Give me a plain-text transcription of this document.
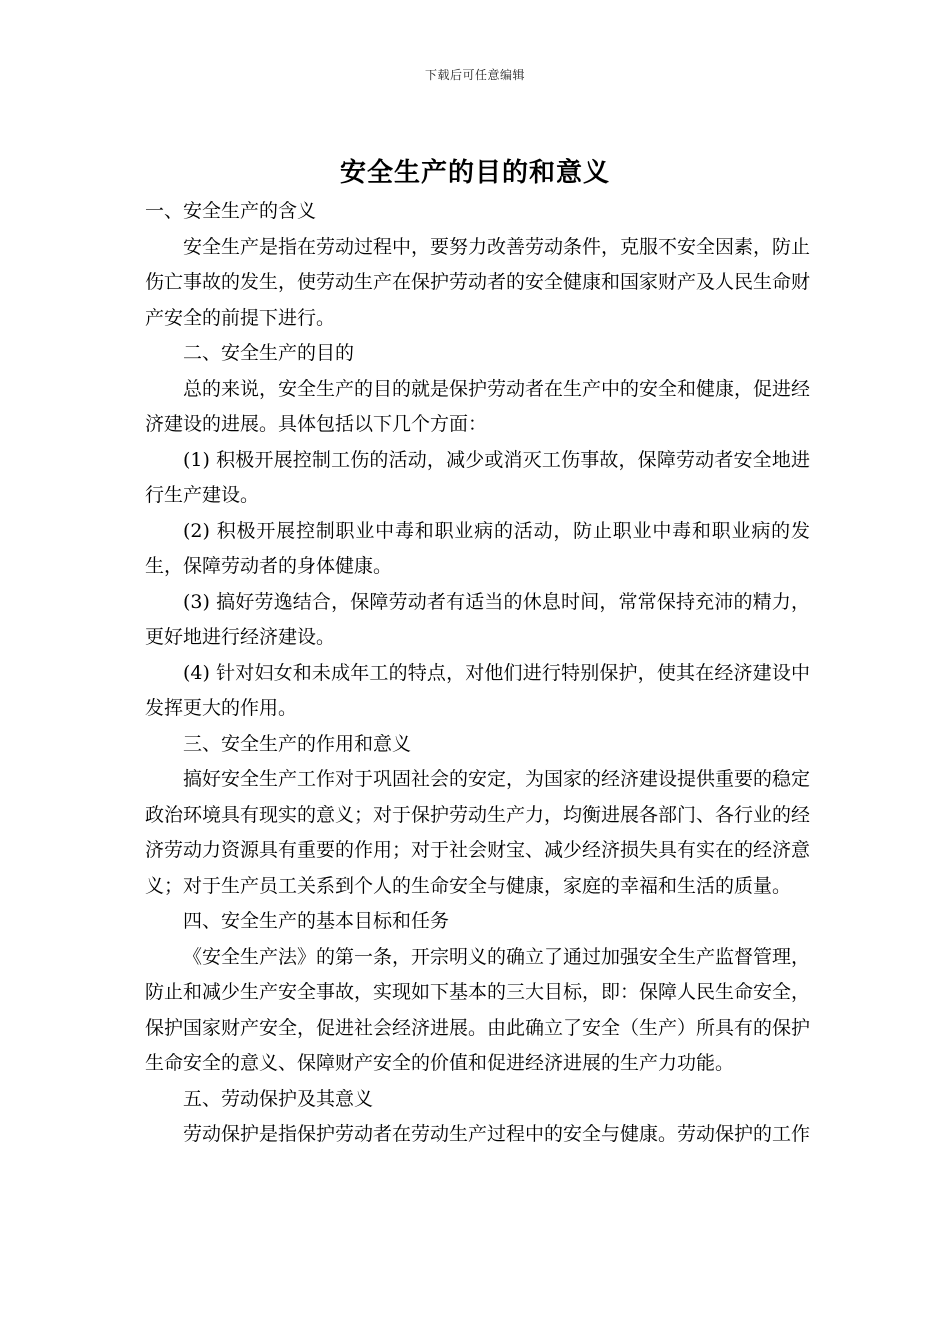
下载后可任意编辑
安全生产的目的和意义

一、安全生产的含义

安全生产是指在劳动过程中，要努力改善劳动条件，克服不安全因素，防止伤亡事故的发生，使劳动生产在保护劳动者的安全健康和国家财产及人民生命财产安全的前提下进行。

二、安全生产的目的

总的来说，安全生产的目的就是保护劳动者在生产中的安全和健康，促进经济建设的进展。具体包括以下几个方面：

(1) 积极开展控制工伤的活动，减少或消灭工伤事故，保障劳动者安全地进行生产建设。

(2) 积极开展控制职业中毒和职业病的活动，防止职业中毒和职业病的发生，保障劳动者的身体健康。

(3) 搞好劳逸结合，保障劳动者有适当的休息时间，常常保持充沛的精力，更好地进行经济建设。

(4) 针对妇女和未成年工的特点，对他们进行特别保护，使其在经济建设中发挥更大的作用。

三、安全生产的作用和意义

搞好安全生产工作对于巩固社会的安定，为国家的经济建设提供重要的稳定政治环境具有现实的意义；对于保护劳动生产力，均衡进展各部门、各行业的经济劳动力资源具有重要的作用；对于社会财宝、减少经济损失具有实在的经济意义；对于生产员工关系到个人的生命安全与健康，家庭的幸福和生活的质量。

四、安全生产的基本目标和任务

《安全生产法》的第一条，开宗明义的确立了通过加强安全生产监督管理，防止和减少生产安全事故，实现如下基本的三大目标，即：保障人民生命安全，保护国家财产安全，促进社会经济进展。由此确立了安全（生产）所具有的保护生命安全的意义、保障财产安全的价值和促进经济进展的生产力功能。

五、劳动保护及其意义

劳动保护是指保护劳动者在劳动生产过程中的安全与健康。劳动保护的工作
